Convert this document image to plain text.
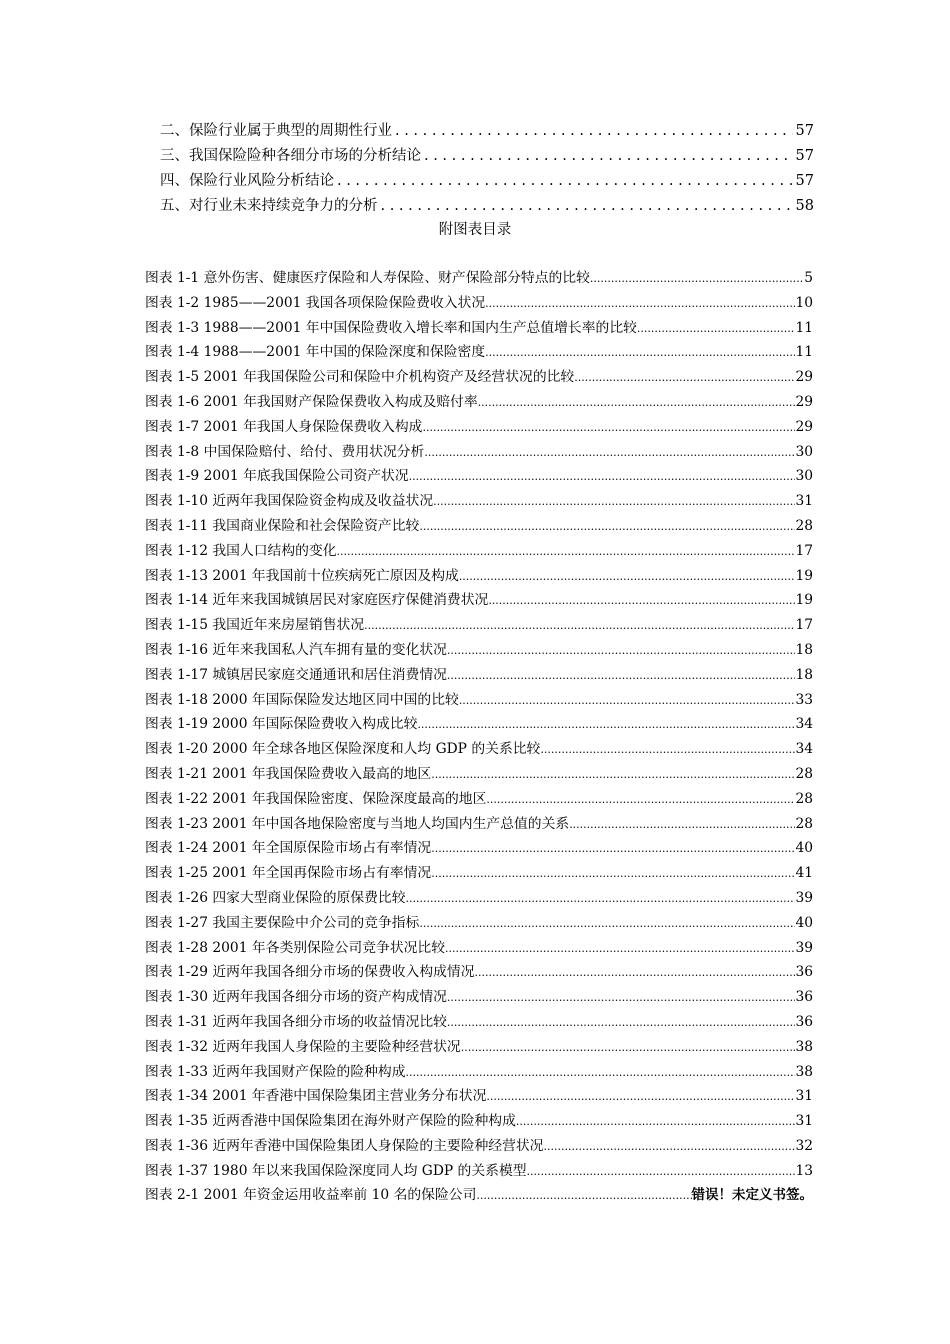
二、保险行业属于典型的周期性行业 . . .	57
三、我国保险险种各细分市场的分析结论 . . .	57
四、保险行业风险分析结论 . . .	57
五、对行业未来持续竞争力的分析 . . .	58
附图表目录
图表 1-1 意外伤害、健康医疗保险和人寿保险、财产保险部分特点的比较 .....	5
图表 1-2 1985——2001 我国各项保险保险费收入状况 .....	10
图表 1-3 1988——2001 年中国保险费收入增长率和国内生产总值增长率的比较 .....	11
图表 1-4 1988——2001 年中国的保险深度和保险密度 .....	11
图表 1-5 2001 年我国保险公司和保险中介机构资产及经营状况的比较 .....	29
图表 1-6 2001 年我国财产保险保费收入构成及赔付率 .....	29
图表 1-7 2001 年我国人身保险保费收入构成 .....	29
图表 1-8 中国保险赔付、给付、费用状况分析 .....	30
图表 1-9 2001 年底我国保险公司资产状况 .....	30
图表 1-10 近两年我国保险资金构成及收益状况 .....	31
图表 1-11 我国商业保险和社会保险资产比较 .....	28
图表 1-12 我国人口结构的变化 .....	17
图表 1-13 2001 年我国前十位疾病死亡原因及构成 .....	19
图表 1-14 近年来我国城镇居民对家庭医疗保健消费状况 .....	19
图表 1-15 我国近年来房屋销售状况 .....	17
图表 1-16 近年来我国私人汽车拥有量的变化状况 .....	18
图表 1-17 城镇居民家庭交通通讯和居住消费情况 .....	18
图表 1-18 2000 年国际保险发达地区同中国的比较 .....	33
图表 1-19 2000 年国际保险费收入构成比较 .....	34
图表 1-20 2000 年全球各地区保险深度和人均 GDP 的关系比较 .....	34
图表 1-21 2001 年我国保险费收入最高的地区 .....	28
图表 1-22 2001 年我国保险密度、保险深度最高的地区 .....	28
图表 1-23 2001 年中国各地保险密度与当地人均国内生产总值的关系 .....	28
图表 1-24 2001 年全国原保险市场占有率情况 .....	40
图表 1-25 2001 年全国再保险市场占有率情况 .....	41
图表 1-26 四家大型商业保险的原保费比较 .....	39
图表 1-27 我国主要保险中介公司的竞争指标 .....	40
图表 1-28 2001 年各类别保险公司竞争状况比较 .....	39
图表 1-29 近两年我国各细分市场的保费收入构成情况 .....	36
图表 1-30 近两年我国各细分市场的资产构成情况 .....	36
图表 1-31 近两年我国各细分市场的收益情况比较 .....	36
图表 1-32 近两年我国人身保险的主要险种经营状况 .....	38
图表 1-33 近两年我国财产保险的险种构成 .....	38
图表 1-34 2001 年香港中国保险集团主营业务分布状况 .....	31
图表 1-35 近两香港中国保险集团在海外财产保险的险种构成 .....	31
图表 1-36 近两年香港中国保险集团人身保险的主要险种经营状况 .....	32
图表 1-37 1980 年以来我国保险深度同人均 GDP 的关系模型 .....	13
图表 2-1 2001 年资金运用收益率前 10 名的保险公司 .....	错误！未定义书签。
